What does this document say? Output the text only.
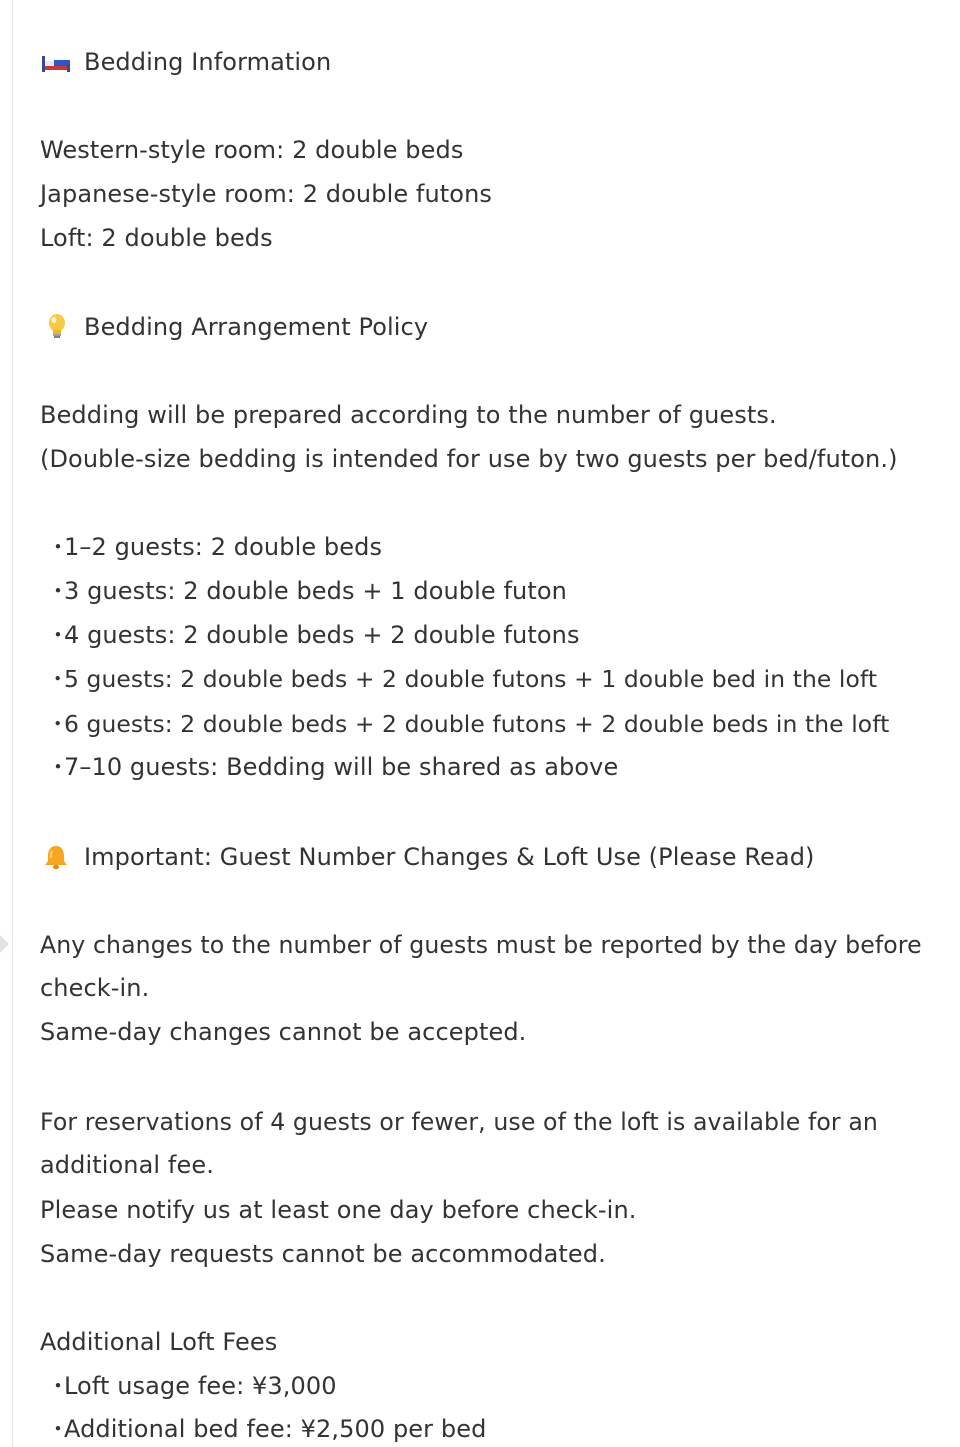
Bedding Information
Western-style room: 2 double beds
Japanese-style room: 2 double futons
Loft: 2 double beds
Bedding Arrangement Policy
Bedding will be prepared according to the number of guests.
(Double-size bedding is intended for use by two guests per bed/futon.)
・1–2 guests: 2 double beds
・3 guests: 2 double beds + 1 double futon
・4 guests: 2 double beds + 2 double futons
・5 guests: 2 double beds + 2 double futons + 1 double bed in the loft
・6 guests: 2 double beds + 2 double futons + 2 double beds in the loft
・7–10 guests: Bedding will be shared as above
Important: Guest Number Changes & Loft Use (Please Read)
Any changes to the number of guests must be reported by the day before
check-in.
Same-day changes cannot be accepted.
For reservations of 4 guests or fewer, use of the loft is available for an
additional fee.
Please notify us at least one day before check-in.
Same-day requests cannot be accommodated.
Additional Loft Fees
・Loft usage fee: ¥3,000
・Additional bed fee: ¥2,500 per bed
